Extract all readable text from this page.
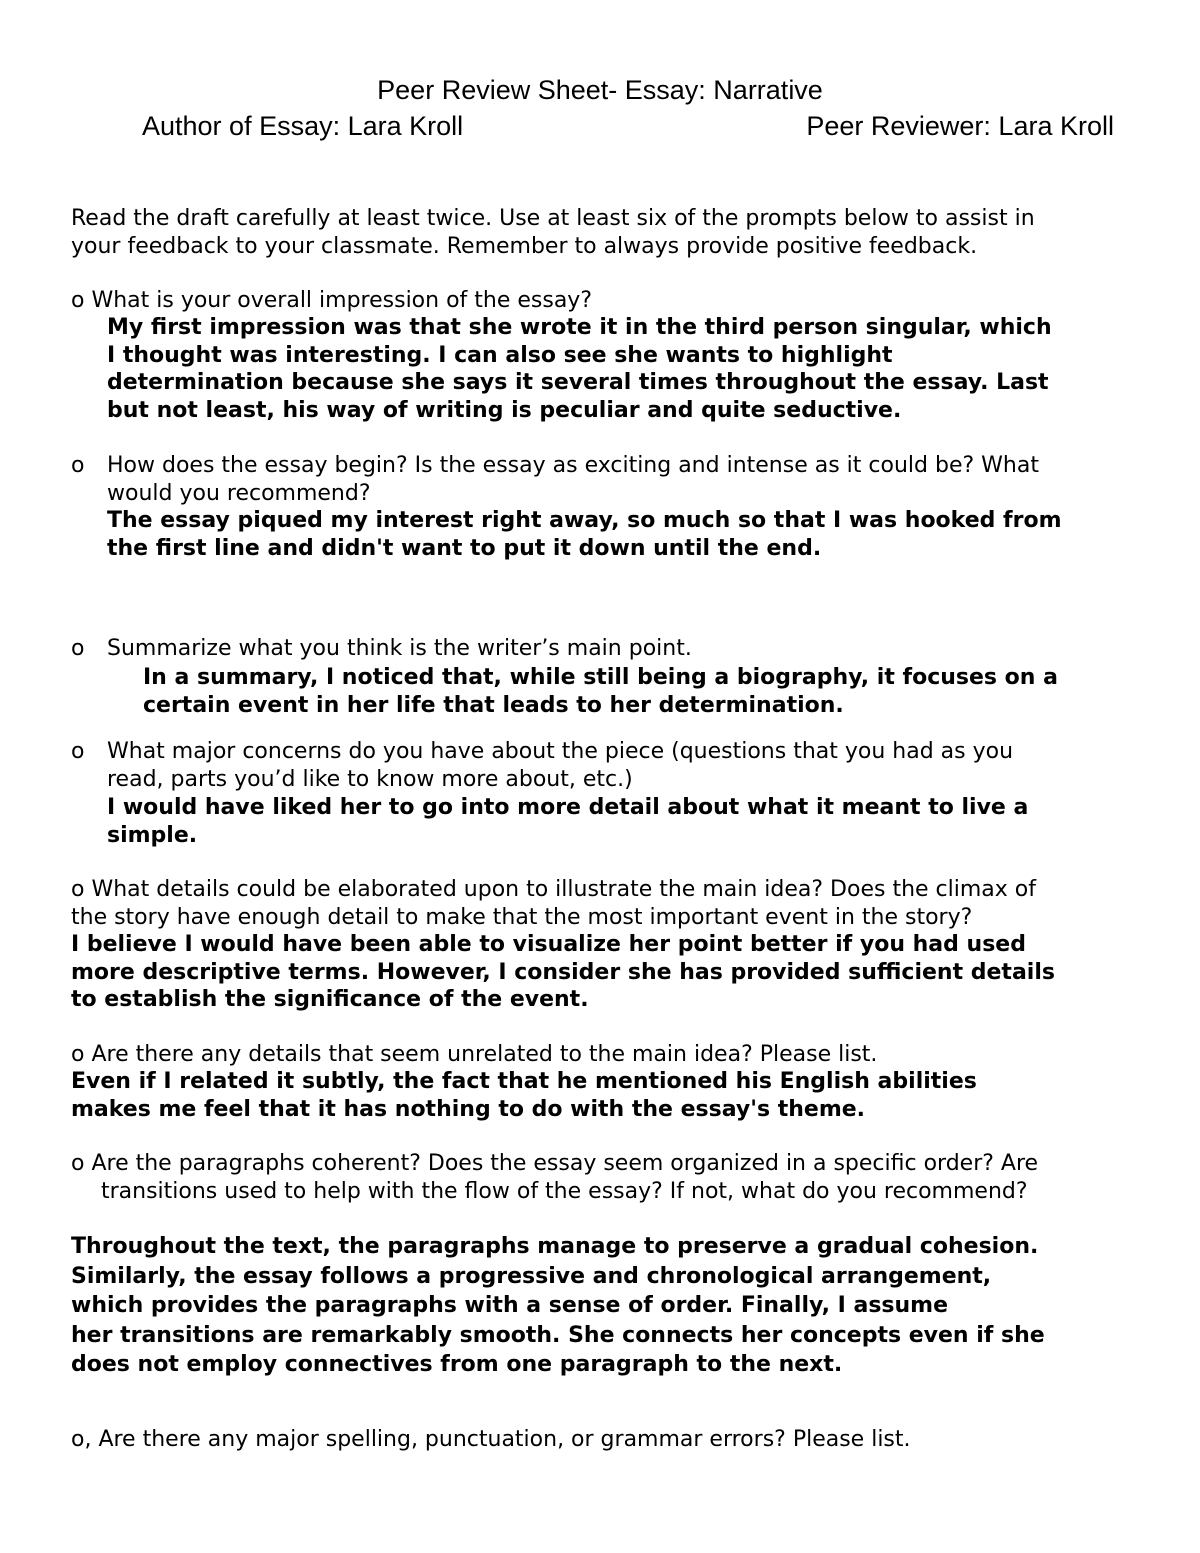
Peer Review Sheet- Essay: Narrative
Author of Essay: Lara Kroll	Peer Reviewer: Lara Kroll
Read the draft carefully at least twice. Use at least six of the prompts below to assist in
your feedback to your classmate. Remember to always provide positive feedback.
o What is your overall impression of the essay?
My first impression was that she wrote it in the third person singular, which
I thought was interesting. I can also see she wants to highlight
determination because she says it several times throughout the essay. Last
but not least, his way of writing is peculiar and quite seductive.
o How does the essay begin? Is the essay as exciting and intense as it could be? What
would you recommend?
The essay piqued my interest right away, so much so that I was hooked from
the first line and didn't want to put it down until the end.
o Summarize what you think is the writer’s main point.
In a summary, I noticed that, while still being a biography, it focuses on a
certain event in her life that leads to her determination.
o What major concerns do you have about the piece (questions that you had as you
read, parts you’d like to know more about, etc.)
I would have liked her to go into more detail about what it meant to live a
simple.
o What details could be elaborated upon to illustrate the main idea? Does the climax of
the story have enough detail to make that the most important event in the story?
I believe I would have been able to visualize her point better if you had used
more descriptive terms. However, I consider she has provided sufficient details
to establish the significance of the event.
o Are there any details that seem unrelated to the main idea? Please list.
Even if I related it subtly, the fact that he mentioned his English abilities
makes me feel that it has nothing to do with the essay's theme.
o Are the paragraphs coherent? Does the essay seem organized in a specific order? Are
transitions used to help with the flow of the essay? If not, what do you recommend?
Throughout the text, the paragraphs manage to preserve a gradual cohesion.
Similarly, the essay follows a progressive and chronological arrangement,
which provides the paragraphs with a sense of order. Finally, I assume
her transitions are remarkably smooth. She connects her concepts even if she
does not employ connectives from one paragraph to the next.
o, Are there any major spelling, punctuation, or grammar errors? Please list.
